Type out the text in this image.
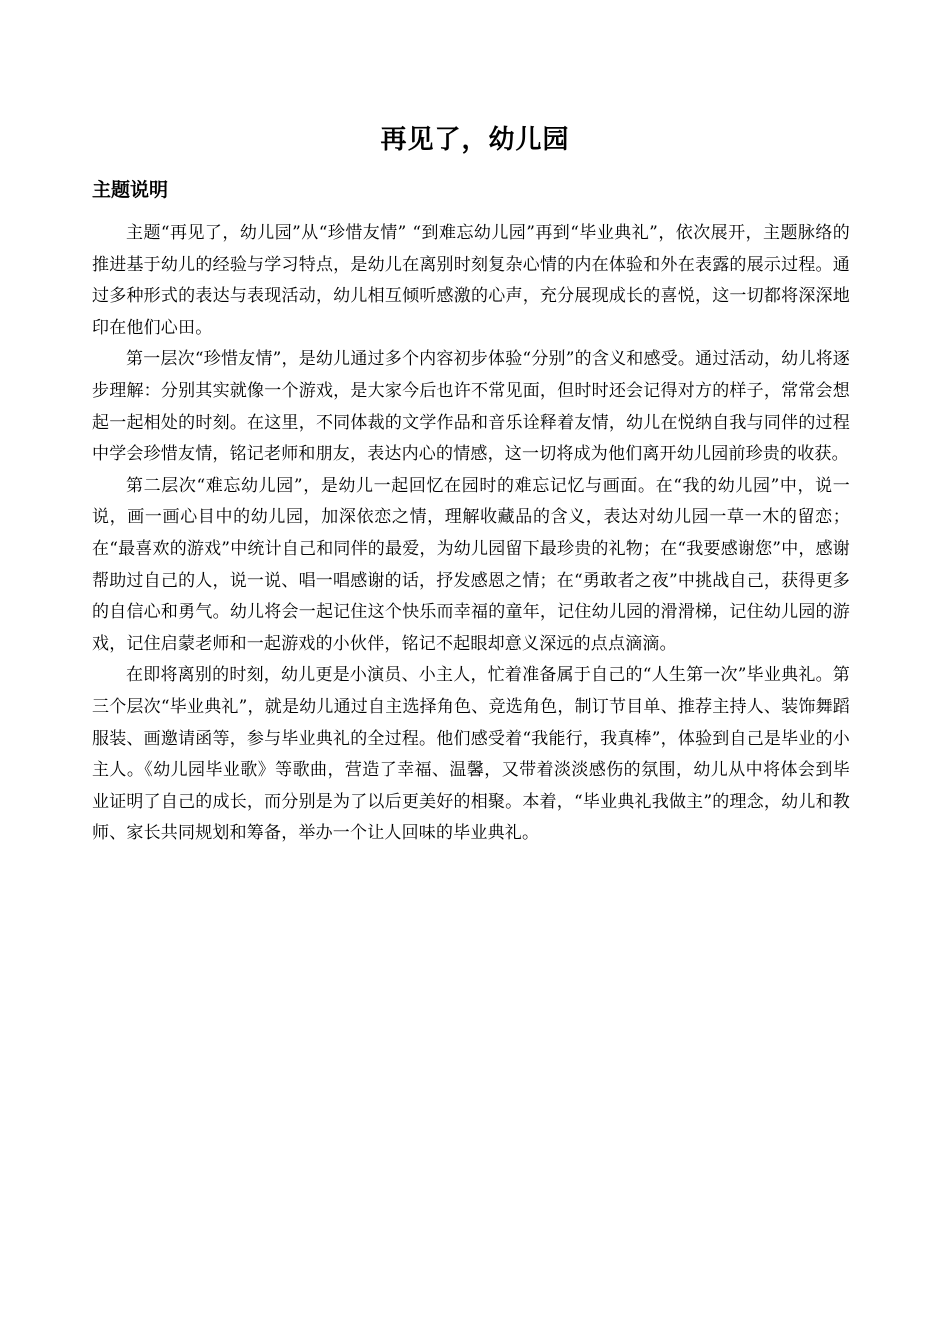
再见了，幼儿园
主题说明

主题“再见了，幼儿园”从“珍惜友情” “到难忘幼儿园”再到“毕业典礼”，依次展开，主题脉络的推进基于幼儿的经验与学习特点，是幼儿在离别时刻复杂心情的内在体验和外在表露的展示过程。通过多种形式的表达与表现活动，幼儿相互倾听感激的心声，充分展现成长的喜悦，这一切都将深深地印在他们心田。

第一层次“珍惜友情”，是幼儿通过多个内容初步体验“分别”的含义和感受。通过活动，幼儿将逐步理解：分别其实就像一个游戏，是大家今后也许不常见面，但时时还会记得对方的样子，常常会想起一起相处的时刻。在这里，不同体裁的文学作品和音乐诠释着友情，幼儿在悦纳自我与同伴的过程中学会珍惜友情，铭记老师和朋友，表达内心的情感，这一切将成为他们离开幼儿园前珍贵的收获。

第二层次“难忘幼儿园”，是幼儿一起回忆在园时的难忘记忆与画面。在“我的幼儿园”中，说一说，画一画心目中的幼儿园，加深依恋之情，理解收藏品的含义，表达对幼儿园一草一木的留恋；在“最喜欢的游戏”中统计自己和同伴的最爱，为幼儿园留下最珍贵的礼物；在“我要感谢您”中，感谢帮助过自己的人，说一说、唱一唱感谢的话，抒发感恩之情；在“勇敢者之夜”中挑战自己，获得更多的自信心和勇气。幼儿将会一起记住这个快乐而幸福的童年，记住幼儿园的滑滑梯，记住幼儿园的游戏，记住启蒙老师和一起游戏的小伙伴，铭记不起眼却意义深远的点点滴滴。

在即将离别的时刻，幼儿更是小演员、小主人，忙着准备属于自己的“人生第一次”毕业典礼。第三个层次“毕业典礼”，就是幼儿通过自主选择角色、竞选角色，制订节目单、推荐主持人、装饰舞蹈服装、画邀请函等，参与毕业典礼的全过程。他们感受着“我能行，我真棒”，体验到自己是毕业的小主人。《幼儿园毕业歌》等歌曲，营造了幸福、温馨，又带着淡淡感伤的氛围，幼儿从中将体会到毕业证明了自己的成长，而分别是为了以后更美好的相聚。本着，“毕业典礼我做主”的理念，幼儿和教师、家长共同规划和筹备，举办一个让人回味的毕业典礼。
